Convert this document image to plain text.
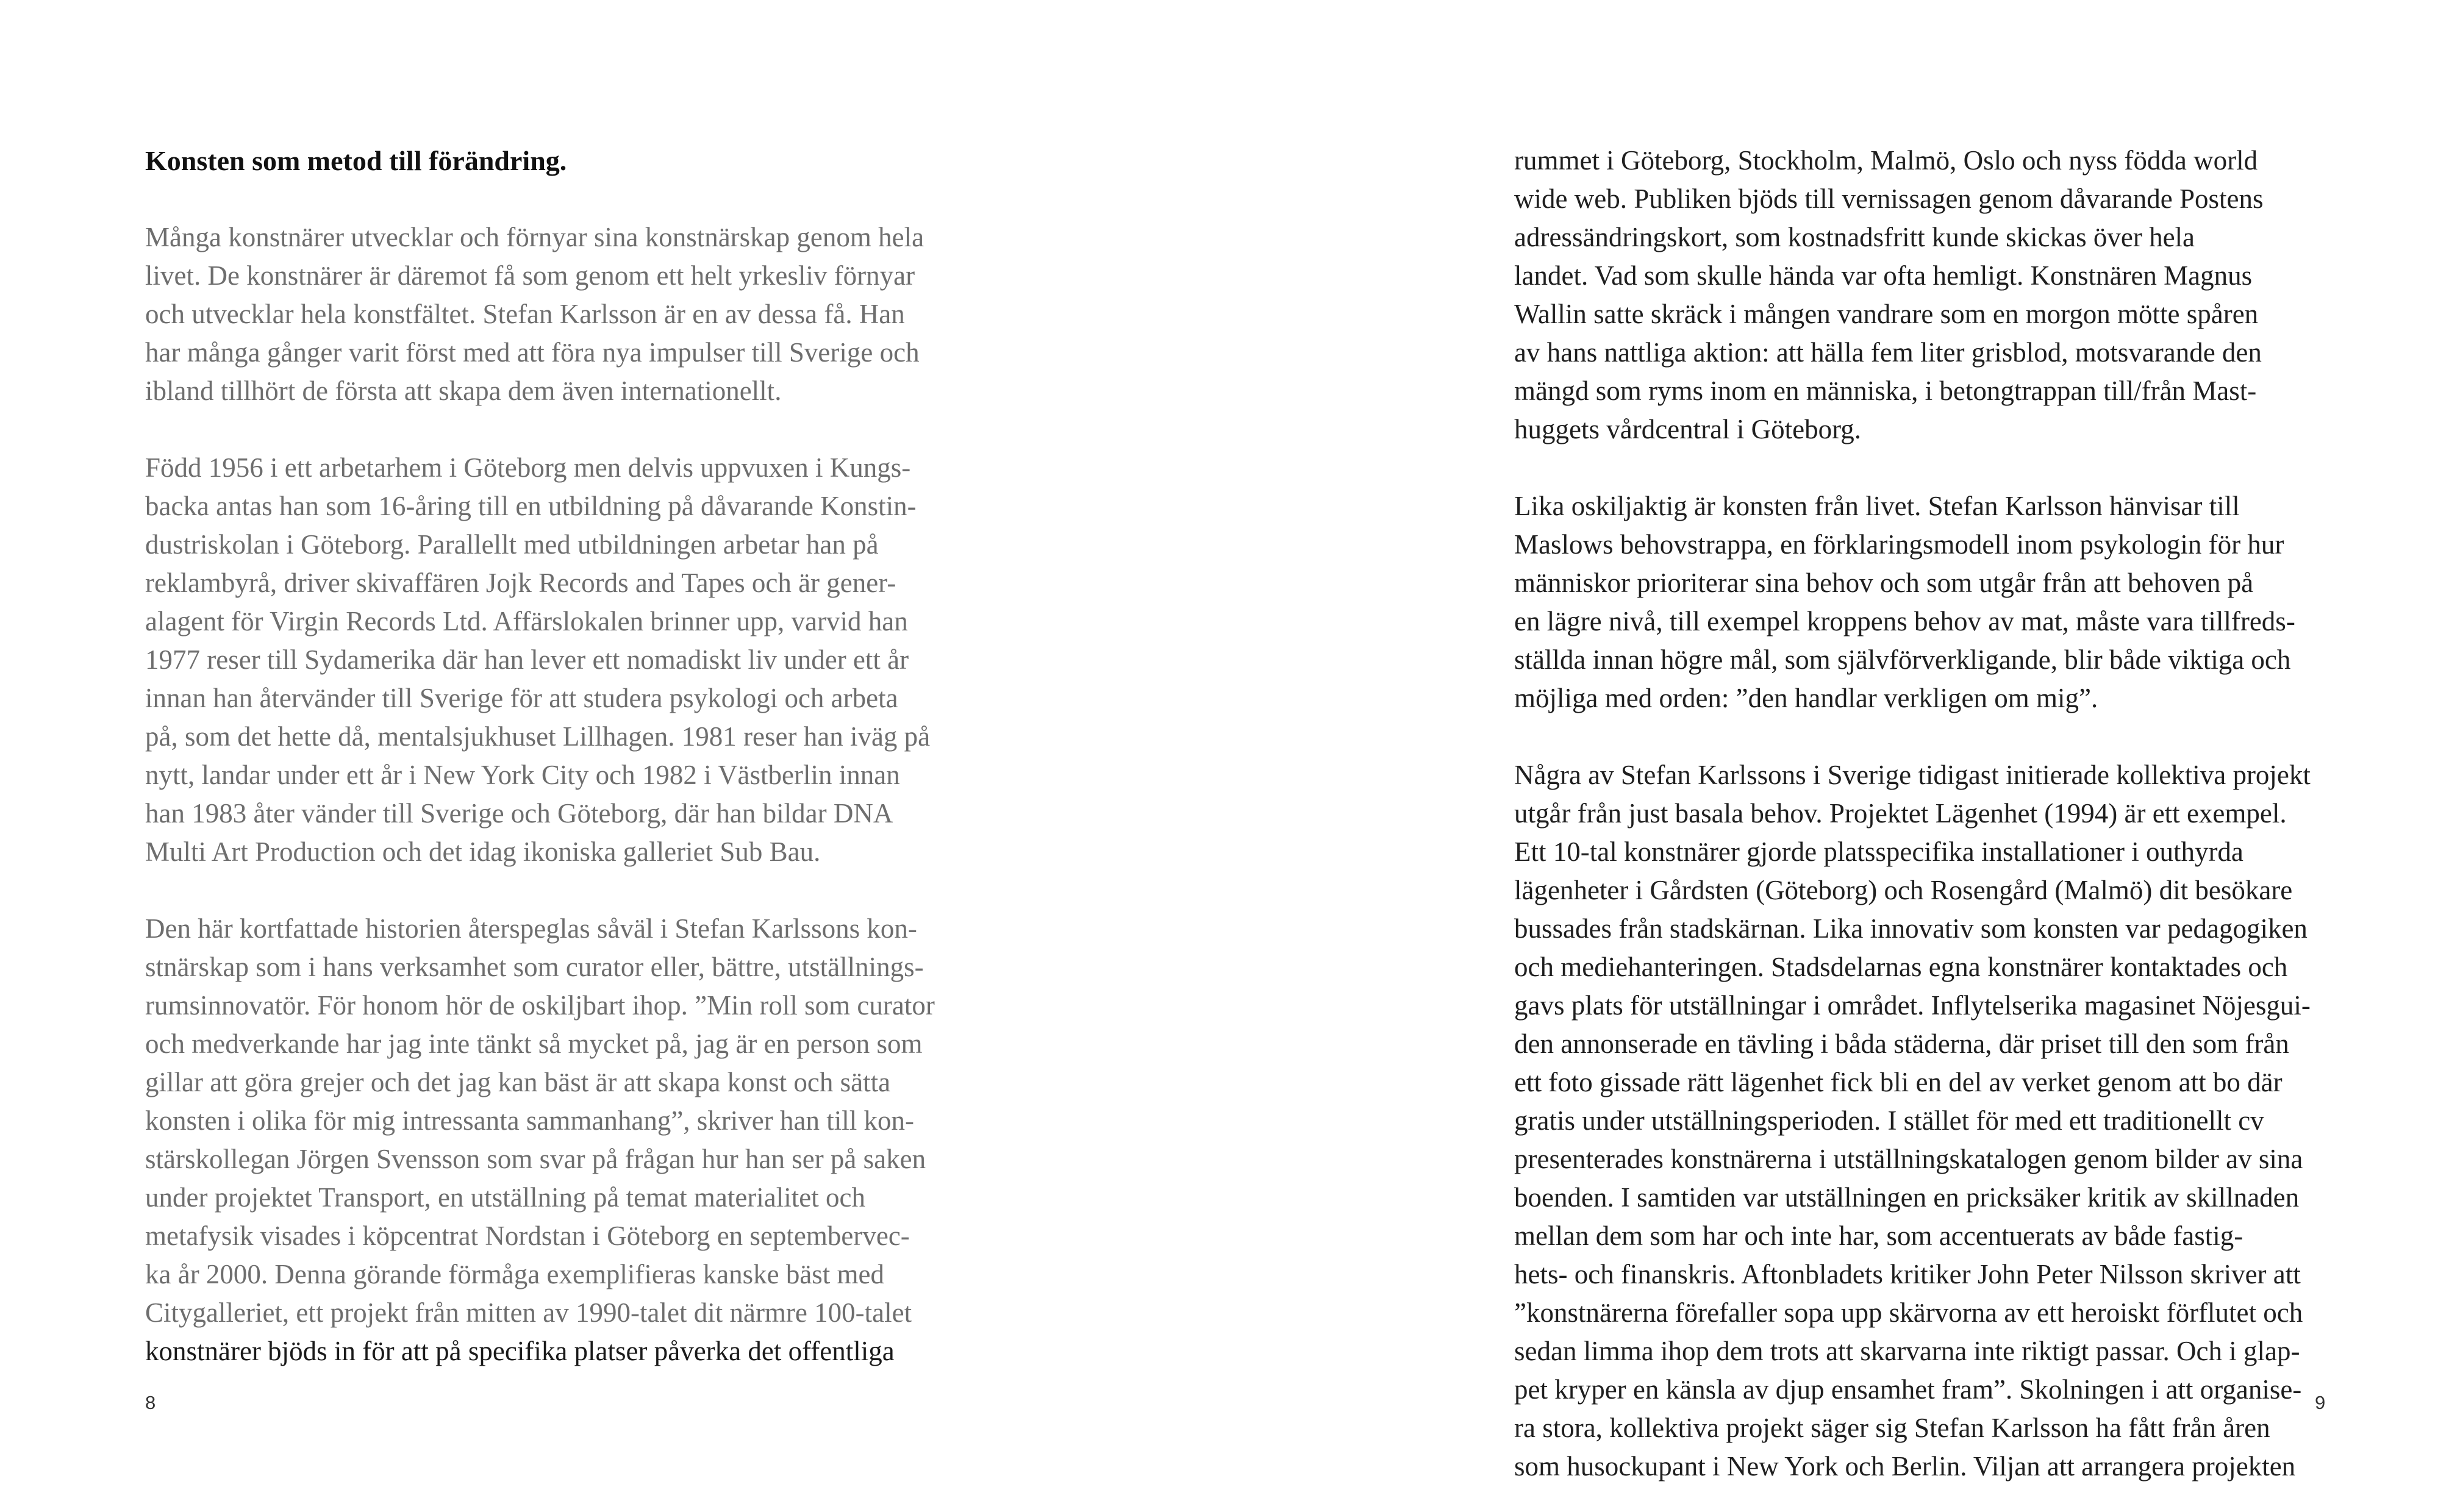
Konsten som metod till förändring.
Många konstnärer utvecklar och förnyar sina konstnärskap genom hela
livet. De konstnärer är däremot få som genom ett helt yrkesliv förnyar
och utvecklar hela konstfältet. Stefan Karlsson är en av dessa få. Han
har många gånger varit först med att föra nya impulser till Sverige och
ibland tillhört de första att skapa dem även internationellt.
Född 1956 i ett arbetarhem i Göteborg men delvis uppvuxen i Kungs-
backa antas han som 16-åring till en utbildning på dåvarande Konstin-
dustriskolan i Göteborg. Parallellt med utbildningen arbetar han på
reklambyrå, driver skivaffären Jojk Records and Tapes och är gener-
alagent för Virgin Records Ltd. Affärslokalen brinner upp, varvid han
1977 reser till Sydamerika där han lever ett nomadiskt liv under ett år
innan han återvänder till Sverige för att studera psykologi och arbeta
på, som det hette då, mentalsjukhuset Lillhagen. 1981 reser han iväg på
nytt, landar under ett år i New York City och 1982 i Västberlin innan
han 1983 åter vänder till Sverige och Göteborg, där han bildar DNA
Multi Art Production och det idag ikoniska galleriet Sub Bau.
Den här kortfattade historien återspeglas såväl i Stefan Karlssons kon-
stnärskap som i hans verksamhet som curator eller, bättre, utställnings-
rumsinnovatör. För honom hör de oskiljbart ihop. ”Min roll som curator
och medverkande har jag inte tänkt så mycket på, jag är en person som
gillar att göra grejer och det jag kan bäst är att skapa konst och sätta
konsten i olika för mig intressanta sammanhang”, skriver han till kon-
stärskollegan Jörgen Svensson som svar på frågan hur han ser på saken
under projektet Transport, en utställning på temat materialitet och
metafysik visades i köpcentrat Nordstan i Göteborg en septembervec-
ka år 2000. Denna görande förmåga exemplifieras kanske bäst med
Citygalleriet, ett projekt från mitten av 1990-talet dit närmre 100-talet
konstnärer bjöds in för att på specifika platser påverka det offentliga
8
rummet i Göteborg, Stockholm, Malmö, Oslo och nyss födda world
wide web. Publiken bjöds till vernissagen genom dåvarande Postens
adressändringskort, som kostnadsfritt kunde skickas över hela
landet. Vad som skulle hända var ofta hemligt. Konstnären Magnus
Wallin satte skräck i mången vandrare som en morgon mötte spåren
av hans nattliga aktion: att hälla fem liter grisblod, motsvarande den
mängd som ryms inom en människa, i betongtrappan till/från Mast-
huggets vårdcentral i Göteborg.
Lika oskiljaktig är konsten från livet. Stefan Karlsson hänvisar till
Maslows behovstrappa, en förklaringsmodell inom psykologin för hur
människor prioriterar sina behov och som utgår från att behoven på
en lägre nivå, till exempel kroppens behov av mat, måste vara tillfreds-
ställda innan högre mål, som självförverkligande, blir både viktiga och
möjliga med orden: ”den handlar verkligen om mig”.
Några av Stefan Karlssons i Sverige tidigast initierade kollektiva projekt
utgår från just basala behov. Projektet Lägenhet (1994) är ett exempel.
Ett 10-tal konstnärer gjorde platsspecifika installationer i outhyrda
lägenheter i Gårdsten (Göteborg) och Rosengård (Malmö) dit besökare
bussades från stadskärnan. Lika innovativ som konsten var pedagogiken
och mediehanteringen. Stadsdelarnas egna konstnärer kontaktades och
gavs plats för utställningar i området. Inflytelserika magasinet Nöjesgui-
den annonserade en tävling i båda städerna, där priset till den som från
ett foto gissade rätt lägenhet fick bli en del av verket genom att bo där
gratis under utställningsperioden. I stället för med ett traditionellt cv
presenterades konstnärerna i utställningskatalogen genom bilder av sina
boenden. I samtiden var utställningen en pricksäker kritik av skillnaden
mellan dem som har och inte har, som accentuerats av både fastig-
hets- och finanskris. Aftonbladets kritiker John Peter Nilsson skriver att
”konstnärerna förefaller sopa upp skärvorna av ett heroiskt förflutet och
sedan limma ihop dem trots att skarvarna inte riktigt passar. Och i glap-
pet kryper en känsla av djup ensamhet fram”. Skolningen i att organise-
ra stora, kollektiva projekt säger sig Stefan Karlsson ha fått från åren
som husockupant i New York och Berlin. Viljan att arrangera projekten
9
